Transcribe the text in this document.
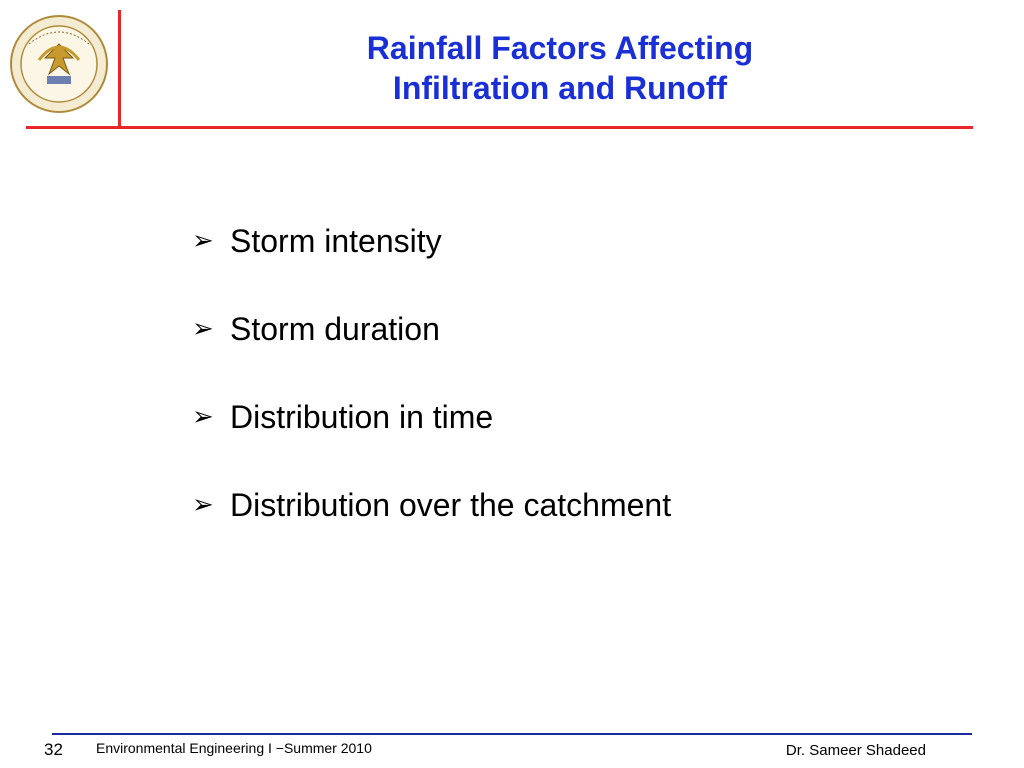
Rainfall Factors Affecting
Infiltration and Runoff
➢ Storm intensity
➢ Storm duration
➢ Distribution in time
➢ Distribution over the catchment
32 Environmental Engineering I −Summer 2010	Dr. Sameer Shadeed
